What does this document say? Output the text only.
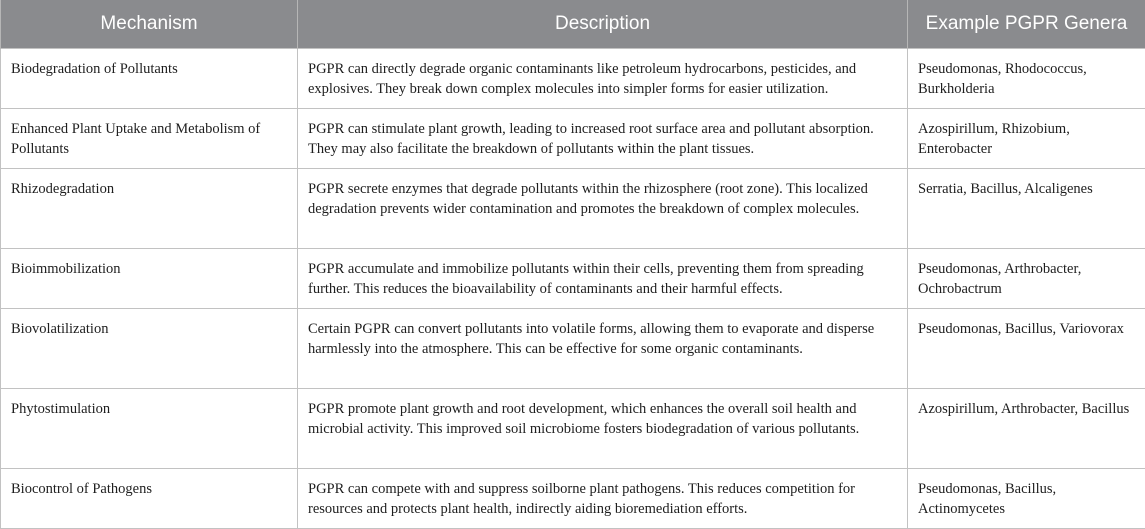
Mechanism	Description	Example PGPR Genera
Biodegradation of Pollutants	PGPR can directly degrade organic contaminants like petroleum hydrocarbons, pesticides, and explosives. They break down complex molecules into simpler forms for easier utilization.	Pseudomonas, Rhodococcus, Burkholderia
Enhanced Plant Uptake and Metabolism of Pollutants	PGPR can stimulate plant growth, leading to increased root surface area and pollutant absorption. They may also facilitate the breakdown of pollutants within the plant tissues.	Azospirillum, Rhizobium, Enterobacter
Rhizodegradation	PGPR secrete enzymes that degrade pollutants within the rhizosphere (root zone). This localized degradation prevents wider contamination and promotes the breakdown of complex molecules.	Serratia, Bacillus, Alcaligenes
Bioimmobilization	PGPR accumulate and immobilize pollutants within their cells, preventing them from spreading further. This reduces the bioavailability of contaminants and their harmful effects.	Pseudomonas, Arthrobacter, Ochrobactrum
Biovolatilization	Certain PGPR can convert pollutants into volatile forms, allowing them to evaporate and disperse harmlessly into the atmosphere. This can be effective for some organic contaminants.	Pseudomonas, Bacillus, Variovorax
Phytostimulation	PGPR promote plant growth and root development, which enhances the overall soil health and microbial activity. This improved soil microbiome fosters biodegradation of various pollutants.	Azospirillum, Arthrobacter, Bacillus
Biocontrol of Pathogens	PGPR can compete with and suppress soilborne plant pathogens. This reduces competition for resources and protects plant health, indirectly aiding bioremediation efforts.	Pseudomonas, Bacillus, Actinomycetes
